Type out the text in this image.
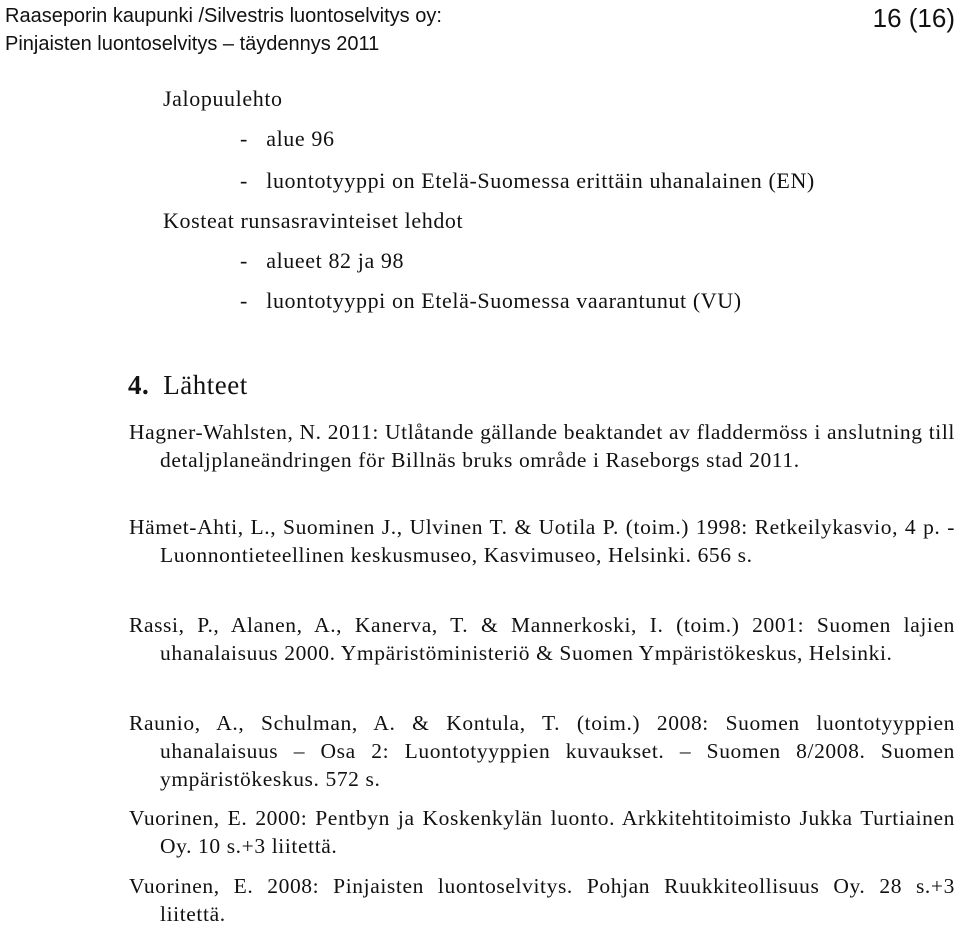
Raaseporin kaupunki /Silvestris luontoselvitys oy:
Pinjaisten luontoselvitys – täydennys 2011
16 (16)
Jalopuulehto
-   alue 96
-   luontotyyppi on Etelä-Suomessa erittäin uhanalainen (EN)
Kosteat runsasravinteiset lehdot
-   alueet 82 ja 98
-   luontotyyppi on Etelä-Suomessa vaarantunut (VU)
4. Lähteet
Hagner-Wahlsten, N. 2011: Utlåtande gällande beaktandet av fladdermöss i anslutning till detaljplaneändringen för Billnäs bruks område i Raseborgs stad 2011.
Hämet-Ahti, L., Suominen J., Ulvinen T. & Uotila P. (toim.) 1998: Retkeilykasvio, 4 p. - Luonnontieteellinen keskusmuseo, Kasvimuseo, Helsinki. 656 s.
Rassi, P., Alanen, A., Kanerva, T. & Mannerkoski, I. (toim.) 2001: Suomen lajien uhanalaisuus 2000. Ympäristöministeriö & Suomen Ympäristökeskus, Helsinki.
Raunio, A., Schulman, A. & Kontula, T. (toim.) 2008: Suomen luontotyyppien uhanalaisuus – Osa 2: Luontotyyppien kuvaukset. – Suomen 8/2008. Suomen ympäristökeskus. 572 s.
Vuorinen, E. 2000: Pentbyn ja Koskenkylän luonto. Arkkitehtitoimisto Jukka Turtiainen Oy. 10 s.+3 liitettä.
Vuorinen, E. 2008: Pinjaisten luontoselvitys. Pohjan Ruukkiteollisuus Oy. 28 s.+3 liitettä.
